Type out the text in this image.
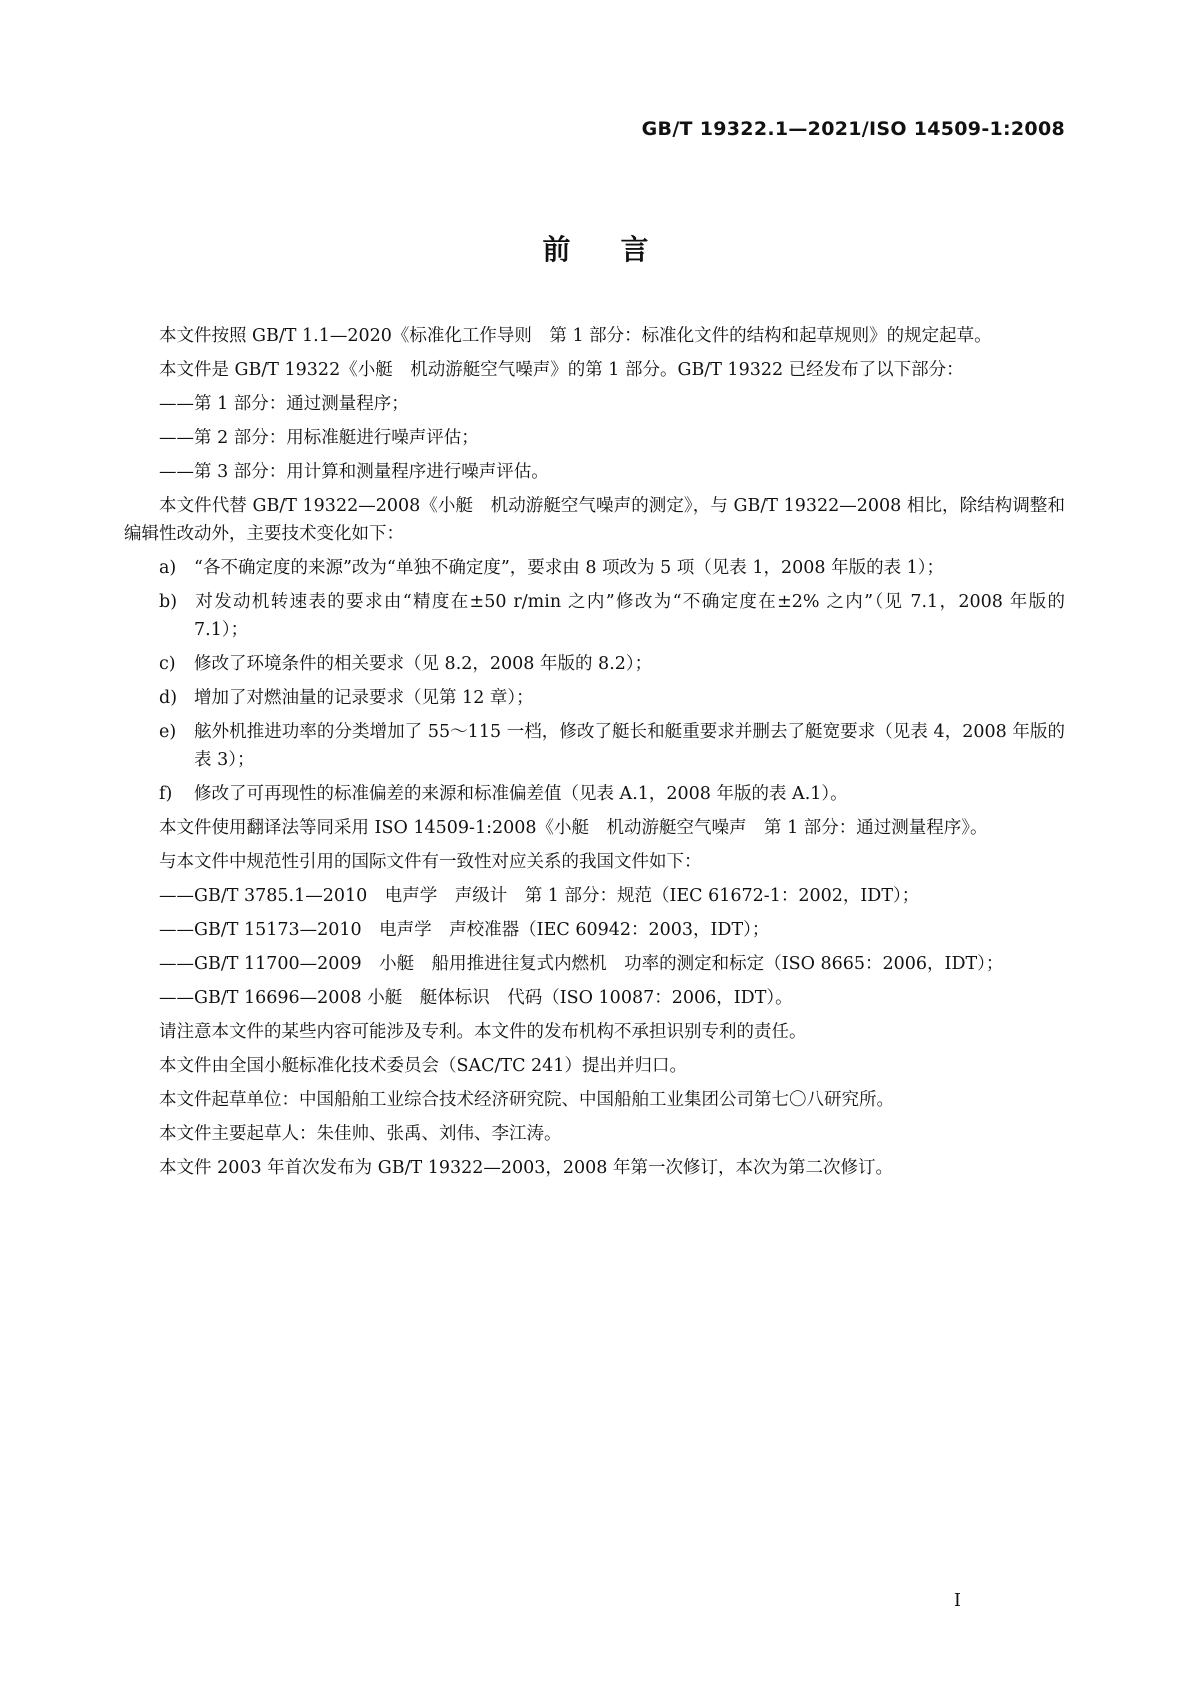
GB/T 19322.1—2021/ISO 14509-1:2008
前言

本文件按照 GB/T 1.1—2020《标准化工作导则　第 1 部分：标准化文件的结构和起草规则》的规定起草。

本文件是 GB/T 19322《小艇　机动游艇空气噪声》的第 1 部分。GB/T 19322 已经发布了以下部分：

——第 1 部分：通过测量程序；
——第 2 部分：用标准艇进行噪声评估；
——第 3 部分：用计算和测量程序进行噪声评估。

本文件代替 GB/T 19322—2008《小艇　机动游艇空气噪声的测定》，与 GB/T 19322—2008 相比，除结构调整和编辑性改动外，主要技术变化如下：

a) “各不确定度的来源”改为“单独不确定度”，要求由 8 项改为 5 项（见表 1，2008 年版的表 1）；
b) 对发动机转速表的要求由“精度在±50 r/min 之内”修改为“不确定度在±2% 之内”（见 7.1，2008 年版的 7.1）；
c) 修改了环境条件的相关要求（见 8.2，2008 年版的 8.2）；
d) 增加了对燃油量的记录要求（见第 12 章）；
e) 舷外机推进功率的分类增加了 55～115 一档，修改了艇长和艇重要求并删去了艇宽要求（见表 4，2008 年版的表 3）；
f) 修改了可再现性的标准偏差的来源和标准偏差值（见表 A.1，2008 年版的表 A.1）。

本文件使用翻译法等同采用 ISO 14509-1:2008《小艇　机动游艇空气噪声　第 1 部分：通过测量程序》。

与本文件中规范性引用的国际文件有一致性对应关系的我国文件如下：

——GB/T 3785.1—2010　电声学　声级计　第 1 部分：规范（IEC 61672-1：2002，IDT）；
——GB/T 15173—2010　电声学　声校准器（IEC 60942：2003，IDT）；
——GB/T 11700—2009　小艇　船用推进往复式内燃机　功率的测定和标定（ISO 8665：2006，IDT）；
——GB/T 16696—2008 小艇　艇体标识　代码（ISO 10087：2006，IDT）。

请注意本文件的某些内容可能涉及专利。本文件的发布机构不承担识别专利的责任。

本文件由全国小艇标准化技术委员会（SAC/TC 241）提出并归口。

本文件起草单位：中国船舶工业综合技术经济研究院、中国船舶工业集团公司第七〇八研究所。

本文件主要起草人：朱佳帅、张禹、刘伟、李江涛。

本文件 2003 年首次发布为 GB/T 19322—2003，2008 年第一次修订，本次为第二次修订。

I
